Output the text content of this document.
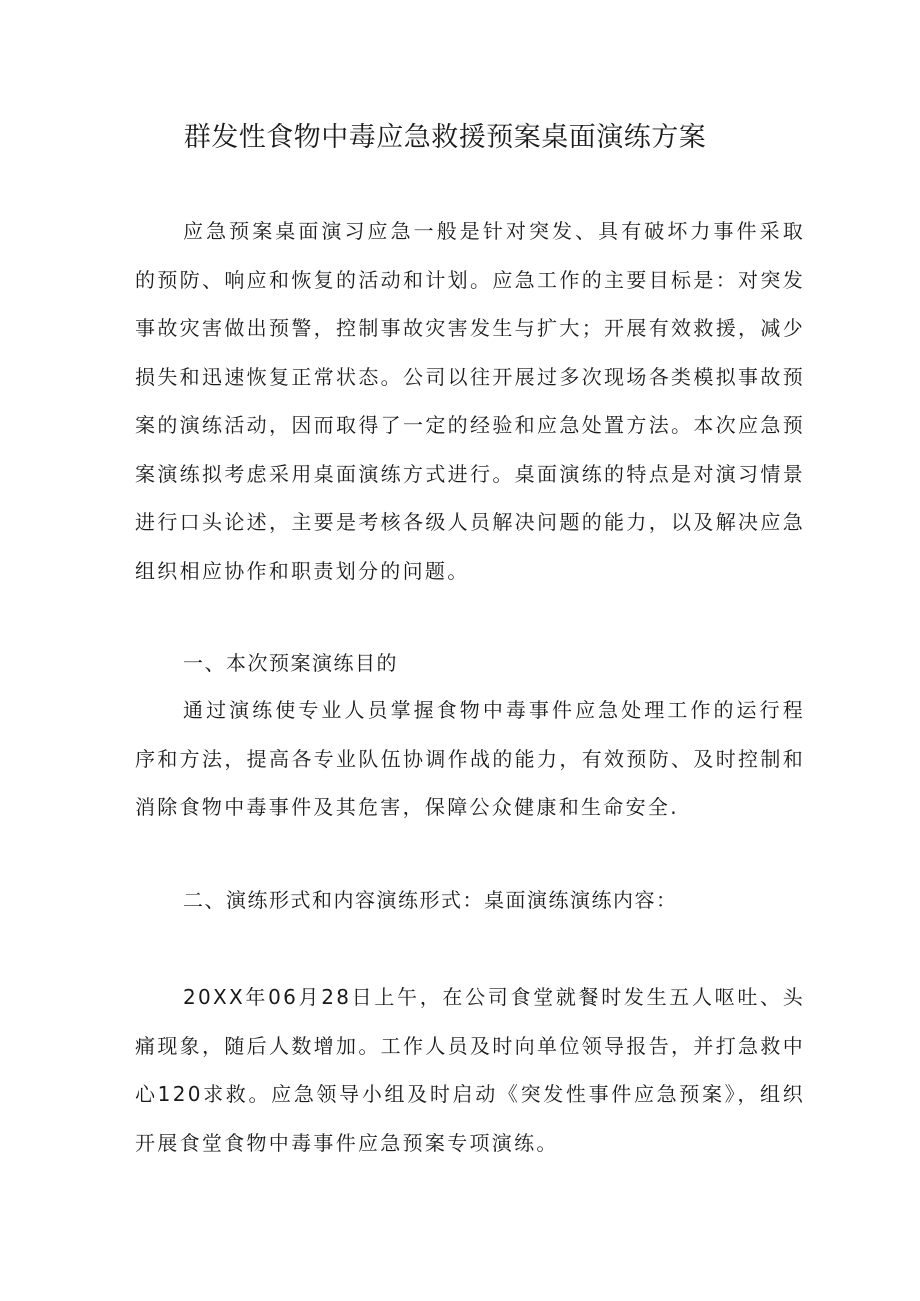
群发性食物中毒应急救援预案桌面演练方案

应急预案桌面演习应急一般是针对突发、具有破坏力事件采取的预防、响应和恢复的活动和计划。应急工作的主要目标是：对突发事故灾害做出预警，控制事故灾害发生与扩大；开展有效救援，减少损失和迅速恢复正常状态。公司以往开展过多次现场各类模拟事故预案的演练活动，因而取得了一定的经验和应急处置方法。本次应急预案演练拟考虑采用桌面演练方式进行。桌面演练的特点是对演习情景进行口头论述，主要是考核各级人员解决问题的能力，以及解决应急组织相应协作和职责划分的问题。

一、本次预案演练目的

通过演练使专业人员掌握食物中毒事件应急处理工作的运行程序和方法，提高各专业队伍协调作战的能力，有效预防、及时控制和消除食物中毒事件及其危害，保障公众健康和生命安全.

二、演练形式和内容演练形式：桌面演练演练内容：

20XX年06月28日上午，在公司食堂就餐时发生五人呕吐、头痛现象，随后人数增加。工作人员及时向单位领导报告，并打急救中心120求救。应急领导小组及时启动《突发性事件应急预案》，组织开展食堂食物中毒事件应急预案专项演练。
